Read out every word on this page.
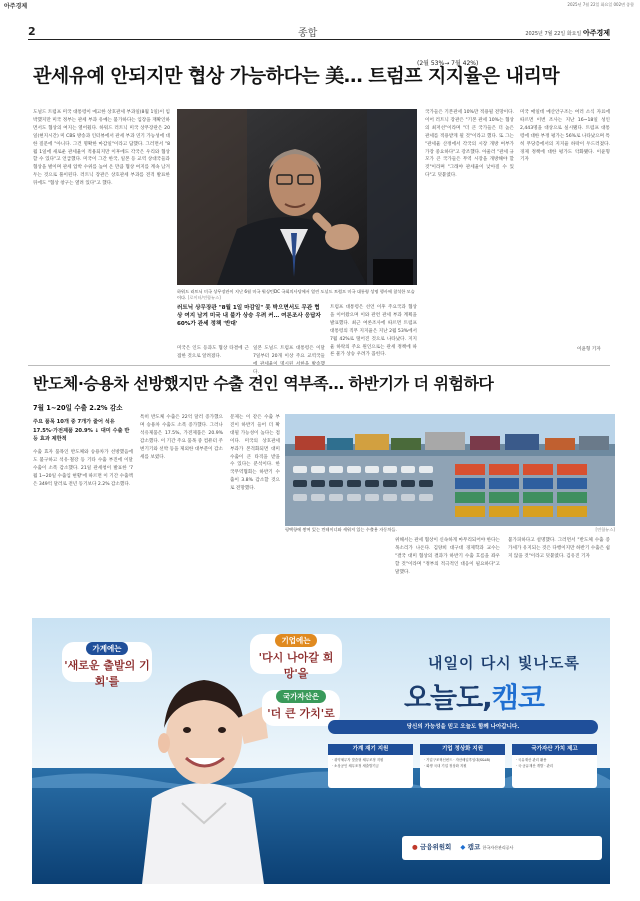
아주경제	2025년 7월 22일 화요일 002면 종합
2	종합	2025년 7월 22일 화요일 아주경제
(2월 53%→ 7월 42%)
관세유예 안되지만 협상 가능하다는 美… 트럼프 지지율은 내리막
도널드 트럼프 미국 대통령이 예고한 상호관세 부과일(8월 1일)이 임박했지만 미국 정부는 관세 부과 유예는 불가하다는 입장을 재확인하면서도 협상의 여지는 열어뒀다. 하워드 러트닉 미국 상무장관은 20일(현지시간) 미 CBS 방송과 인터뷰에서 관세 부과 연기 가능성에 대한 질문에 "아니다. 그건 명확한 마감일"이라고 답했다. 그러면서 "8월 1일에 새로운 관세율이 적용되지만 이후에도 각국은 우리와 협상할 수 있다"고 언급했다. 미국이 그간 한국, 일본 등 교역 상대국들과 협상을 벌이며 관세 압박 수위를 높여 온 만큼 협상 여지를 계속 남겨두는 것으로 풀이된다. 러트닉 장관은 상호관세 부과를 전격 발표한 뒤에도 "협상 창구는 열려 있다"고 했다.
국가들은 기본관세 10%만 적용될 전망이다. 이어 러트닉 장관은 "기본 관세 10%는 협상의 최저선"이라며 "더 큰 국가들은 더 높은 관세를 적용받게 될 것"이라고 했다. 또 그는 "관세율 산정에서 각국의 시장 개방 여부가 가장 중요하다"고 강조했다. 아울러 "관세 규모가 큰 국가들은 무역 시장을 개방해야 할 것"이라며 "그래야 관세율이 낮아질 수 있다"고 덧붙였다.
미국 매일데 예산안구조는 여러 소식 자료에 따르면 이번 조사는 지난 16~18일 성인 2,443명을 대상으로 실시됐다. 트럼프 대통령에 대한 부정 평가는 56%로 나타났으며 특히 무당층에서의 지지율 하락이 두드러졌다. 경제 정책에 대한 평가도 악화됐다. 이윤형 기자
이윤형 기자
하워드 러트닉 미국 상무장관이 지난 6월 미국 워싱턴DC 국회의사당에서 열린 도널드 트럼프 미국 대통령 성명 행사에 참석한 모습이다. [로이터/연합뉴스]
러트닉 상무장관 "8월 1일 마감일" 못 박으면서도 무관 협상 여지 남겨 미국 내 불가 상승 우려 커… 여론조사 응답자 60%가 관세 정책 '반대'
트럼프 대통령은 선언 이후 주요국과 협상을 이어왔으며 이와 관련 관세 부과 계획을 발표했다. 최근 여론조사에 따르면 트럼프 대통령의 직무 지지율은 지난 2월 53%에서 7월 42%로 떨어진 것으로 나타났다. 지지율 하락의 주요 원인으로는 관세 정책에 따른 물가 상승 우려가 꼽힌다.
미국은 인도 등과도 협상 타결에 근접한 것으로 알려졌다.
일본 도널드 트럼프 대통령은 이달 7일부터 20개 이상 주요 교역국들 다.
반도체·승용차 선방했지만 수출 견인 역부족… 하반기가 더 위험하다
7월 1~20일 수출 2.2% 감소
주요 품목 10개 중 7개가 줄어 석유 17.5%·가전제품 20.9% ↓ 대미 수출 반등 효과 제한적
수출 효자 품목인 반도체와 승용차가 선방했음에도 불구하고 석유·철강 등 기타 수출 부진에 이달 수출이 소폭 감소했다. 21일 관세청이 발표한 '7월 1~20일 수출입 현황'에 따르면 이 기간 수출액은 349억 달러로 전년 동기보다 2.2% 감소했다.
특히 반도체 수출은 22억 달러 증가했으며 승용차 수출도 소폭 증가했다. 그러나 석유제품은 17.5%, 가전제품은 20.9% 감소했다. 이 기간 주요 품목 중 컴퓨터 주변기기와 선박 등을 제외한 대부분이 감소세를 보였다.
문제는 이 같은 수출 부진이 하반기 들어 더 확대될 가능성이 높다는 점이다. 미국의 상호관세 부과가 본격화되면 대미 수출이 큰 타격을 받을 수 있다는 분석이다. 한국무역협회는 하반기 수출이 3.8% 감소할 것으로 전망했다.
평택항에 쌓여 있는 컨테이너와 세워져 있는 수출용 자동차들.	[연합뉴스]
위해서는 관세 협상이 신속하게 마무리되어야 한다는 목소리가 나온다. 김양희 대구대 경제학과 교수는 "결국 대미 협상의 결과가 하반기 수출 흐름을 좌우할 것"이라며 "정부의 적극적인 대응이 필요하다"고 말했다.
불가피하다고 설명했다. 그러면서 "반도체 수출 증가세가 유지되는 것은 다행이지만 하반기 수출은 쉽지 않을 것"이라고 덧붙였다. 김유진 기자
가계에는
'새로운 출발의 기회'를
기업에는
'다시 나아갈 희망'을
국가자산은
'더 큰 가치'로
내일이 다시 빛나도록
오늘도,캠코
당신의 가능성을 믿고 오늘도 함께 나아갑니다.
가계 재기 지원
· 취약채무자 맞춤형 채무조정 지원
· 소상공인 채무조정 새출발기금
기업 정상화 지원
· 기업구조혁신펀드 · 자산매입후임대(S&LB)
· 회생 국내 기업 정상화 지원
국가자산 가치 제고
· 국유재산 관리 활용
· 국·공유재산 개발 · 관리
● 금융위원회 ◆ 캠코 한국자산관리공사
